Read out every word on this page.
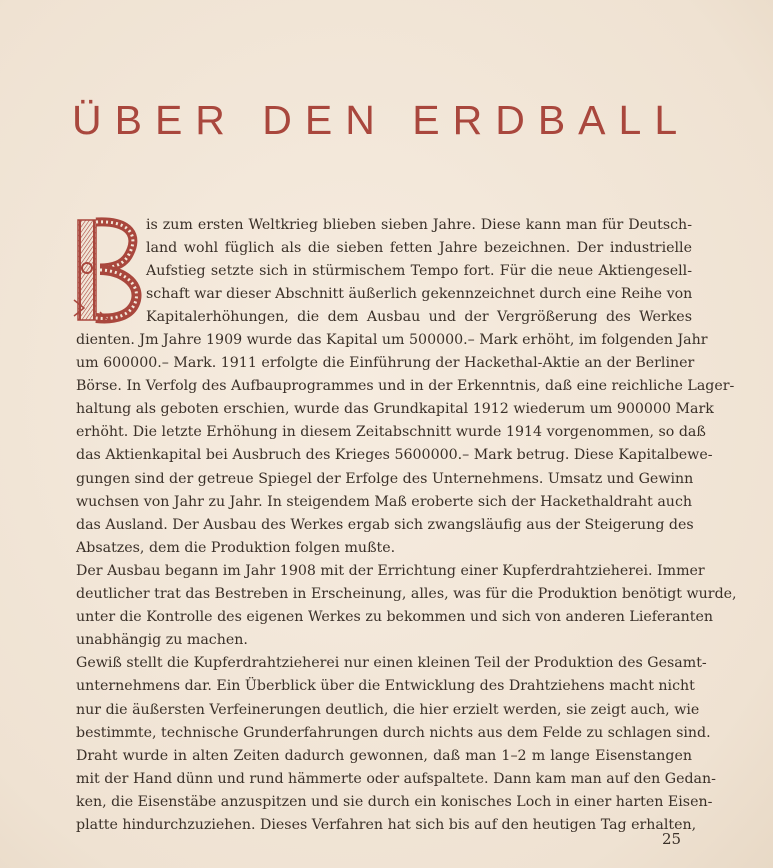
ÜBER DEN ERDBALL
is zum ersten Weltkrieg blieben sieben Jahre. Diese kann man für Deutsch-
land wohl füglich als die sieben fetten Jahre bezeichnen. Der industrielle
Aufstieg setzte sich in stürmischem Tempo fort. Für die neue Aktiengesell-
schaft war dieser Abschnitt äußerlich gekennzeichnet durch eine Reihe von
Kapitalerhöhungen, die dem Ausbau und der Vergrößerung des Werkes
dienten. Jm Jahre 1909 wurde das Kapital um 500000.– Mark erhöht, im folgenden Jahr
um 600000.– Mark. 1911 erfolgte die Einführung der Hackethal-Aktie an der Berliner
Börse. In Verfolg des Aufbauprogrammes und in der Erkenntnis, daß eine reichliche Lager-
haltung als geboten erschien, wurde das Grundkapital 1912 wiederum um 900000 Mark
erhöht. Die letzte Erhöhung in diesem Zeitabschnitt wurde 1914 vorgenommen, so daß
das Aktienkapital bei Ausbruch des Krieges 5600000.– Mark betrug. Diese Kapitalbewe-
gungen sind der getreue Spiegel der Erfolge des Unternehmens. Umsatz und Gewinn
wuchsen von Jahr zu Jahr. In steigendem Maß eroberte sich der Hackethaldraht auch
das Ausland. Der Ausbau des Werkes ergab sich zwangsläufig aus der Steigerung des
Absatzes, dem die Produktion folgen mußte.
Der Ausbau begann im Jahr 1908 mit der Errichtung einer Kupferdrahtzieherei. Immer
deutlicher trat das Bestreben in Erscheinung, alles, was für die Produktion benötigt wurde,
unter die Kontrolle des eigenen Werkes zu bekommen und sich von anderen Lieferanten
unabhängig zu machen.
Gewiß stellt die Kupferdrahtzieherei nur einen kleinen Teil der Produktion des Gesamt-
unternehmens dar. Ein Überblick über die Entwicklung des Drahtziehens macht nicht
nur die äußersten Verfeinerungen deutlich, die hier erzielt werden, sie zeigt auch, wie
bestimmte, technische Grunderfahrungen durch nichts aus dem Felde zu schlagen sind.
Draht wurde in alten Zeiten dadurch gewonnen, daß man 1–2 m lange Eisenstangen
mit der Hand dünn und rund hämmerte oder aufspaltete. Dann kam man auf den Gedan-
ken, die Eisenstäbe anzuspitzen und sie durch ein konisches Loch in einer harten Eisen-
platte hindurchzuziehen. Dieses Verfahren hat sich bis auf den heutigen Tag erhalten,
25
